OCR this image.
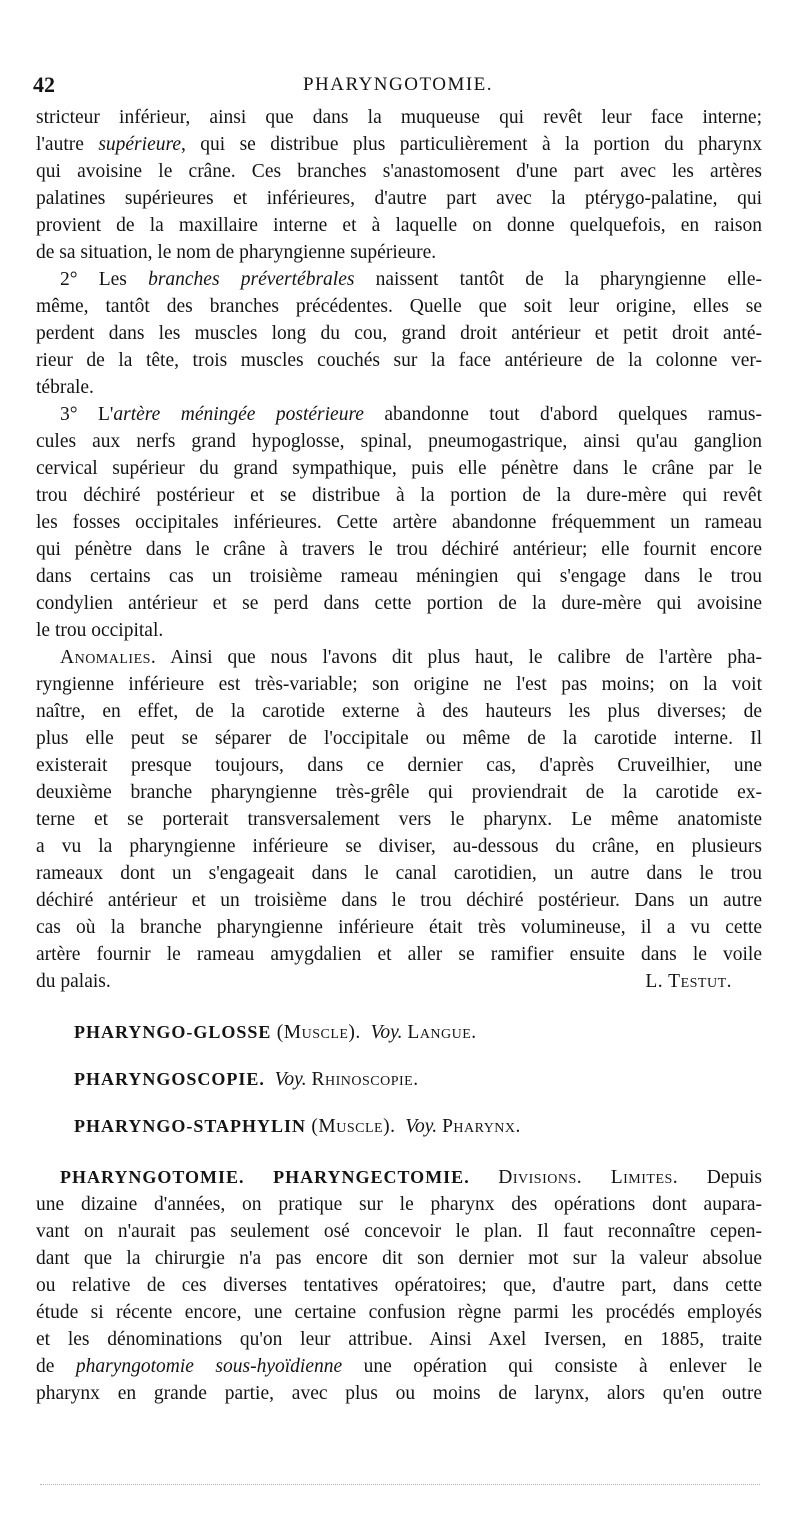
42	PHARYNGOTOMIE.
stricteur inférieur, ainsi que dans la muqueuse qui revêt leur face interne;
l'autre supérieure, qui se distribue plus particulièrement à la portion du pharynx
qui avoisine le crâne. Ces branches s'anastomosent d'une part avec les artères
palatines supérieures et inférieures, d'autre part avec la ptérygo-palatine, qui
provient de la maxillaire interne et à laquelle on donne quelquefois, en raison
de sa situation, le nom de pharyngienne supérieure.
2° Les branches prévertébrales naissent tantôt de la pharyngienne elle-
même, tantôt des branches précédentes. Quelle que soit leur origine, elles se
perdent dans les muscles long du cou, grand droit antérieur et petit droit anté-
rieur de la tête, trois muscles couchés sur la face antérieure de la colonne ver-
tébrale.
3° L'artère méningée postérieure abandonne tout d'abord quelques ramus-
cules aux nerfs grand hypoglosse, spinal, pneumogastrique, ainsi qu'au ganglion
cervical supérieur du grand sympathique, puis elle pénètre dans le crâne par le
trou déchiré postérieur et se distribue à la portion de la dure-mère qui revêt
les fosses occipitales inférieures. Cette artère abandonne fréquemment un rameau
qui pénètre dans le crâne à travers le trou déchiré antérieur; elle fournit encore
dans certains cas un troisième rameau méningien qui s'engage dans le trou
condylien antérieur et se perd dans cette portion de la dure-mère qui avoisine
le trou occipital.
Anomalies. Ainsi que nous l'avons dit plus haut, le calibre de l'artère pha-
ryngienne inférieure est très-variable; son origine ne l'est pas moins; on la voit
naître, en effet, de la carotide externe à des hauteurs les plus diverses; de
plus elle peut se séparer de l'occipitale ou même de la carotide interne. Il
existerait presque toujours, dans ce dernier cas, d'après Cruveilhier, une
deuxième branche pharyngienne très-grêle qui proviendrait de la carotide ex-
terne et se porterait transversalement vers le pharynx. Le même anatomiste
a vu la pharyngienne inférieure se diviser, au-dessous du crâne, en plusieurs
rameaux dont un s'engageait dans le canal carotidien, un autre dans le trou
déchiré antérieur et un troisième dans le trou déchiré postérieur. Dans un autre
cas où la branche pharyngienne inférieure était très volumineuse, il a vu cette
artère fournir le rameau amygdalien et aller se ramifier ensuite dans le voile
du palais.	L. Testut.
PHARYNGO-GLOSSE (Muscle). Voy. Langue.
PHARYNGOSCOPIE. Voy. Rhinoscopie.
PHARYNGO-STAPHYLIN (Muscle). Voy. Pharynx.
PHARYNGOTOMIE. PHARYNGECTOMIE. Divisions. Limites. Depuis
une dizaine d'années, on pratique sur le pharynx des opérations dont aupara-
vant on n'aurait pas seulement osé concevoir le plan. Il faut reconnaître cepen-
dant que la chirurgie n'a pas encore dit son dernier mot sur la valeur absolue
ou relative de ces diverses tentatives opératoires; que, d'autre part, dans cette
étude si récente encore, une certaine confusion règne parmi les procédés employés
et les dénominations qu'on leur attribue. Ainsi Axel Iversen, en 1885, traite
de pharyngotomie sous-hyoïdienne une opération qui consiste à enlever le
pharynx en grande partie, avec plus ou moins de larynx, alors qu'en outre
